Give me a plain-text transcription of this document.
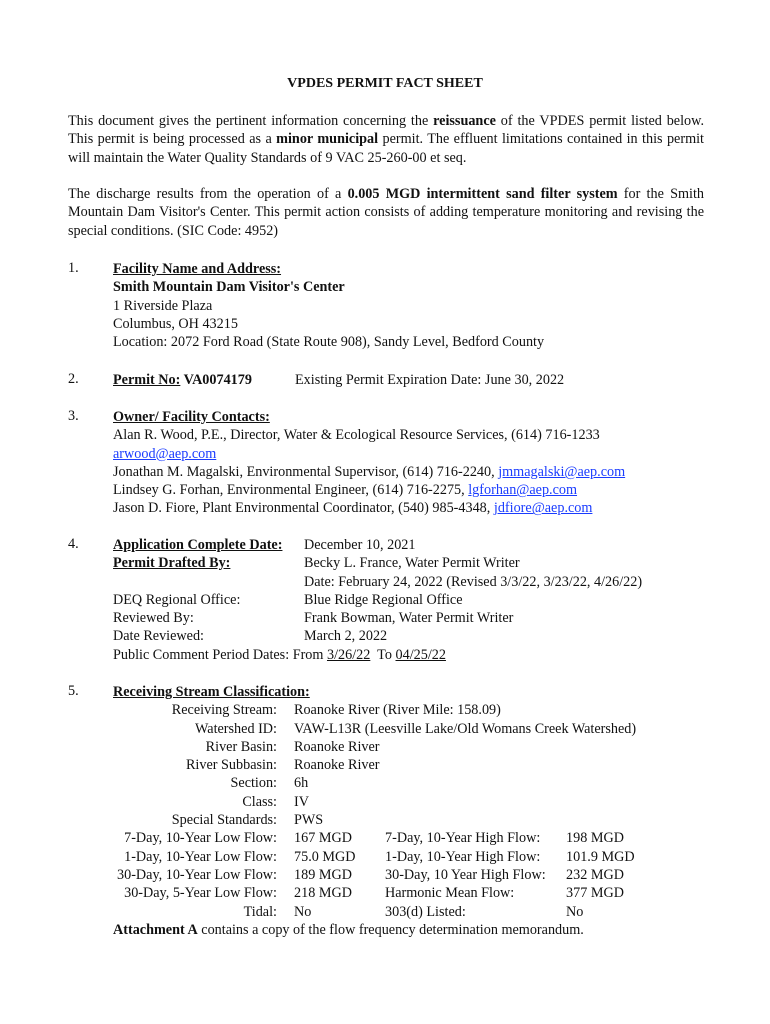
VPDES PERMIT FACT SHEET
This document gives the pertinent information concerning the reissuance of the VPDES permit listed below. This permit is being processed as a minor municipal permit. The effluent limitations contained in this permit will maintain the Water Quality Standards of 9 VAC 25-260-00 et seq.
The discharge results from the operation of a 0.005 MGD intermittent sand filter system for the Smith Mountain Dam Visitor's Center. This permit action consists of adding temperature monitoring and revising the special conditions. (SIC Code: 4952)
1. Facility Name and Address:
Smith Mountain Dam Visitor's Center
1 Riverside Plaza
Columbus, OH 43215
Location: 2072 Ford Road (State Route 908), Sandy Level, Bedford County
2. Permit No: VA0074179	Existing Permit Expiration Date: June 30, 2022
3. Owner/ Facility Contacts:
Alan R. Wood, P.E., Director, Water & Ecological Resource Services, (614) 716-1233
arwood@aep.com
Jonathan M. Magalski, Environmental Supervisor, (614) 716-2240, jmmagalski@aep.com
Lindsey G. Forhan, Environmental Engineer, (614) 716-2275, lgforhan@aep.com
Jason D. Fiore, Plant Environmental Coordinator, (540) 985-4348, jdfiore@aep.com
4. Application Complete Date: December 10, 2021
Permit Drafted By:	Becky L. France, Water Permit Writer
Date: February 24, 2022 (Revised 3/3/22, 3/23/22, 4/26/22)
DEQ Regional Office:	Blue Ridge Regional Office
Reviewed By:	Frank Bowman, Water Permit Writer
Date Reviewed:	March 2, 2022
Public Comment Period Dates: From 3/26/22  To 04/25/22
5. Receiving Stream Classification:
Receiving Stream: Roanoke River (River Mile: 158.09)
Watershed ID: VAW-L13R (Leesville Lake/Old Womans Creek Watershed)
River Basin: Roanoke River
River Subbasin: Roanoke River
Section: 6h
Class: IV
Special Standards: PWS
7-Day, 10-Year Low Flow: 167 MGD 7-Day, 10-Year High Flow: 198 MGD
1-Day, 10-Year Low Flow: 75.0 MGD 1-Day, 10-Year High Flow: 101.9 MGD
30-Day, 10-Year Low Flow: 189 MGD 30-Day, 10 Year High Flow: 232 MGD
30-Day, 5-Year Low Flow: 218 MGD Harmonic Mean Flow:	377 MGD
Tidal: No	303(d) Listed:	No
Attachment A contains a copy of the flow frequency determination memorandum.
